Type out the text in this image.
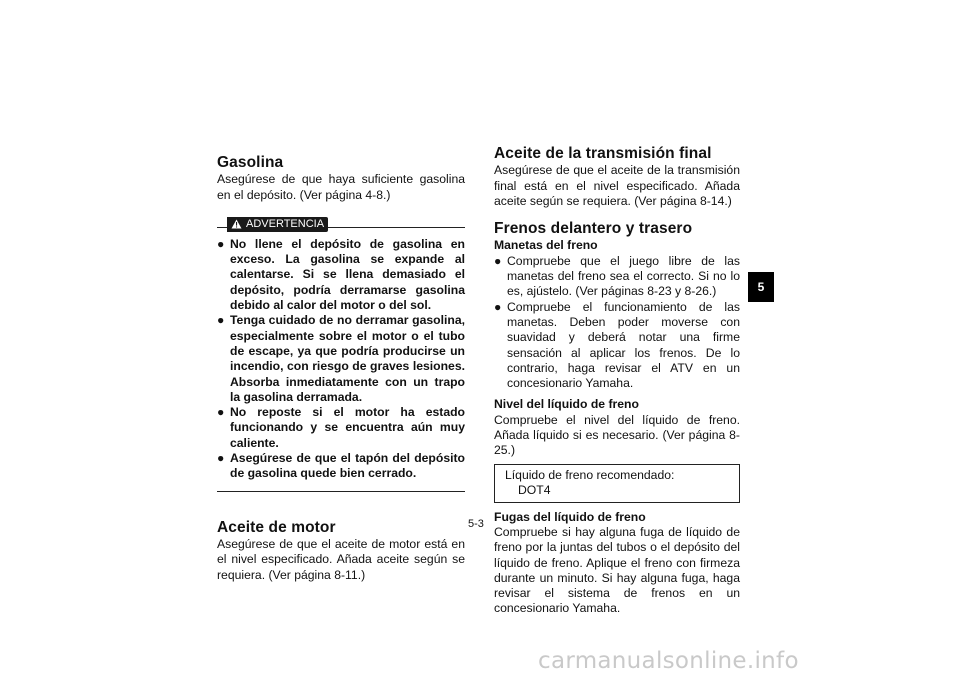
Gasolina

Asegúrese de que haya suficiente gasolina en el depósito. (Ver página 4-8.)

ADVERTENCIA
● No llene el depósito de gasolina en exceso. La gasolina se expande al calentarse. Si se llena demasiado el depósito, podría derramarse gasolina debido al calor del motor o del sol.
● Tenga cuidado de no derramar gasolina, especialmente sobre el motor o el tubo de escape, ya que podría producirse un incendio, con riesgo de graves lesiones. Absorba inmediatamente con un trapo la gasolina derramada.
● No reposte si el motor ha estado funcionando y se encuentra aún muy caliente.
● Asegúrese de que el tapón del depósito de gasolina quede bien cerrado.
Aceite de motor

Asegúrese de que el aceite de motor está en el nivel especificado. Añada aceite según se requiera. (Ver página 8-11.)

Aceite de la transmisión final

Asegúrese de que el aceite de la transmisión final está en el nivel especificado. Añada aceite según se requiera. (Ver página 8-14.)

Frenos delantero y trasero

Manetas del freno

● Compruebe que el juego libre de las manetas del freno sea el correcto. Si no lo es, ajústelo. (Ver páginas 8-23 y 8-26.)
● Compruebe el funcionamiento de las manetas. Deben poder moverse con suavidad y deberá notar una firme sensación al aplicar los frenos. De lo contrario, haga revisar el ATV en un concesionario Yamaha.

Nivel del líquido de freno

Compruebe el nivel del líquido de freno. Añada líquido si es necesario. (Ver página 8-25.)

Líquido de freno recomendado:
DOT4

Fugas del líquido de freno

Compruebe si hay alguna fuga de líquido de freno por la juntas del tubos o el depósito del líquido de freno. Aplique el freno con firmeza durante un minuto. Si hay alguna fuga, haga revisar el sistema de frenos en un concesionario Yamaha.

5
5-3
carmanualsonline.info
